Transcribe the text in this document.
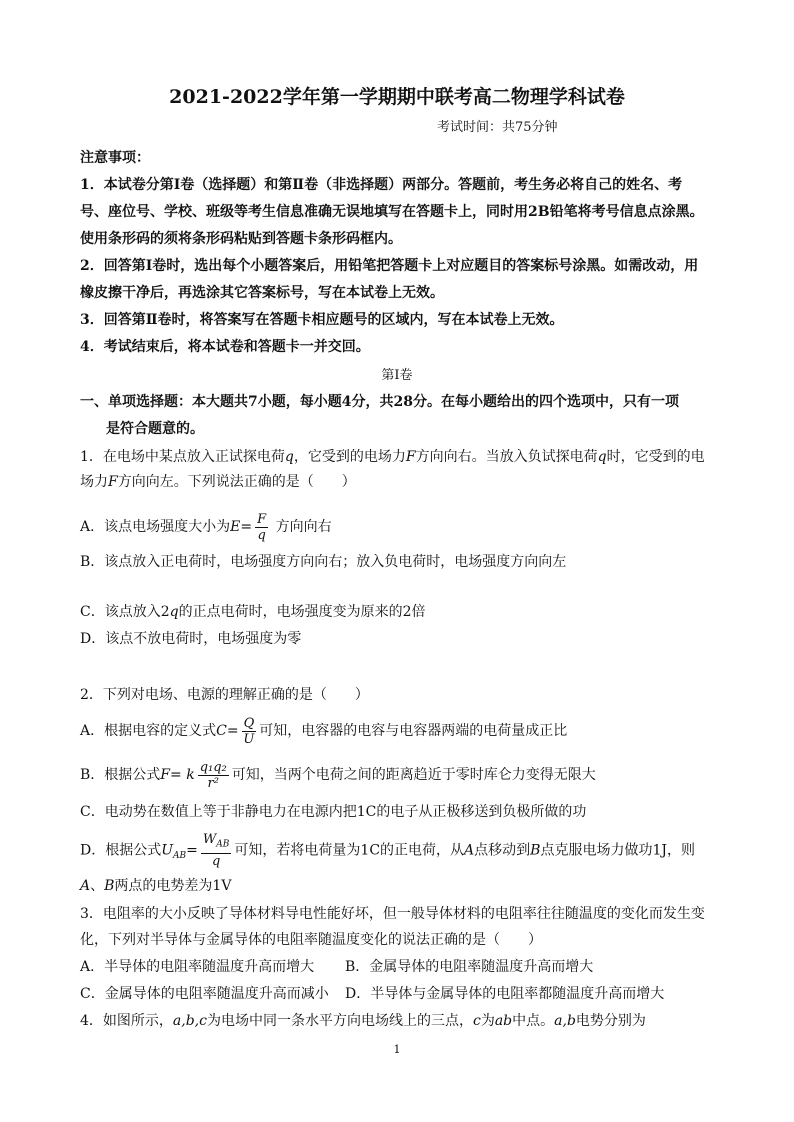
2021-2022学年第一学期期中联考高二物理学科试卷
考试时间：共75分钟
注意事项：
1．本试卷分第Ⅰ卷（选择题）和第Ⅱ卷（非选择题）两部分。答题前，考生务必将自己的姓名、考
号、座位号、学校、班级等考生信息准确无误地填写在答题卡上，同时用2B铅笔将考号信息点涂黑。
使用条形码的须将条形码粘贴到答题卡条形码框内。
2．回答第Ⅰ卷时，选出每个小题答案后，用铅笔把答题卡上对应题目的答案标号涂黑。如需改动，用
橡皮擦干净后，再选涂其它答案标号，写在本试卷上无效。
3．回答第Ⅱ卷时，将答案写在答题卡相应题号的区域内，写在本试卷上无效。
4．考试结束后，将本试卷和答题卡一并交回。
第Ⅰ卷
一、单项选择题：本大题共7小题，每小题4分，共28分。在每小题给出的四个选项中，只有一项
是符合题意的。
1．在电场中某点放入正试探电荷q，它受到的电场力F方向向右。当放入负试探电荷q时，它受到的电
场力F方向向左。下列说法正确的是（　　）
A．该点电场强度大小为$E= \frac{F}{q}$ 方向向右
B．该点放入正电荷时，电场强度方向向右；放入负电荷时，电场强度方向向左
C．该点放入2q的正点电荷时，电场强度变为原来的2倍
D．该点不放电荷时，电场强度为零
2．下列对电场、电源的理解正确的是（　　）
A．根据电容的定义式$C= \frac{Q}{U}$ 可知，电容器的电容与电容器两端的电荷量成正比
B．根据公式F= k $\frac{\text{q₁q₂}}{\text{r²}}$ 可知，当两个电荷之间的距离趋近于零时库仑力变得无限大
C．电动势在数值上等于非静电力在电源内把1C的电子从正极移送到负极所做的功
D．根据公式$U_{AB}= \frac{W_{AB}}{q}$ 可知，若将电荷量为1C的正电荷，从A点移动到B点克服电场力做功1J，则
A、B两点的电势差为1V
3．电阻率的大小反映了导体材料导电性能好坏，但一般导体材料的电阻率往往随温度的变化而发生变
化，下列对半导体与金属导体的电阻率随温度变化的说法正确的是（　　）
A．半导体的电阻率随温度升高而增大 B．金属导体的电阻率随温度升高而增大
C．金属导体的电阻率随温度升高而减小 D．半导体与金属导体的电阻率都随温度升高而增大
4．如图所示，a,b,c为电场中同一条水平方向电场线上的三点，c为ab中点。a,b电势分别为
1
